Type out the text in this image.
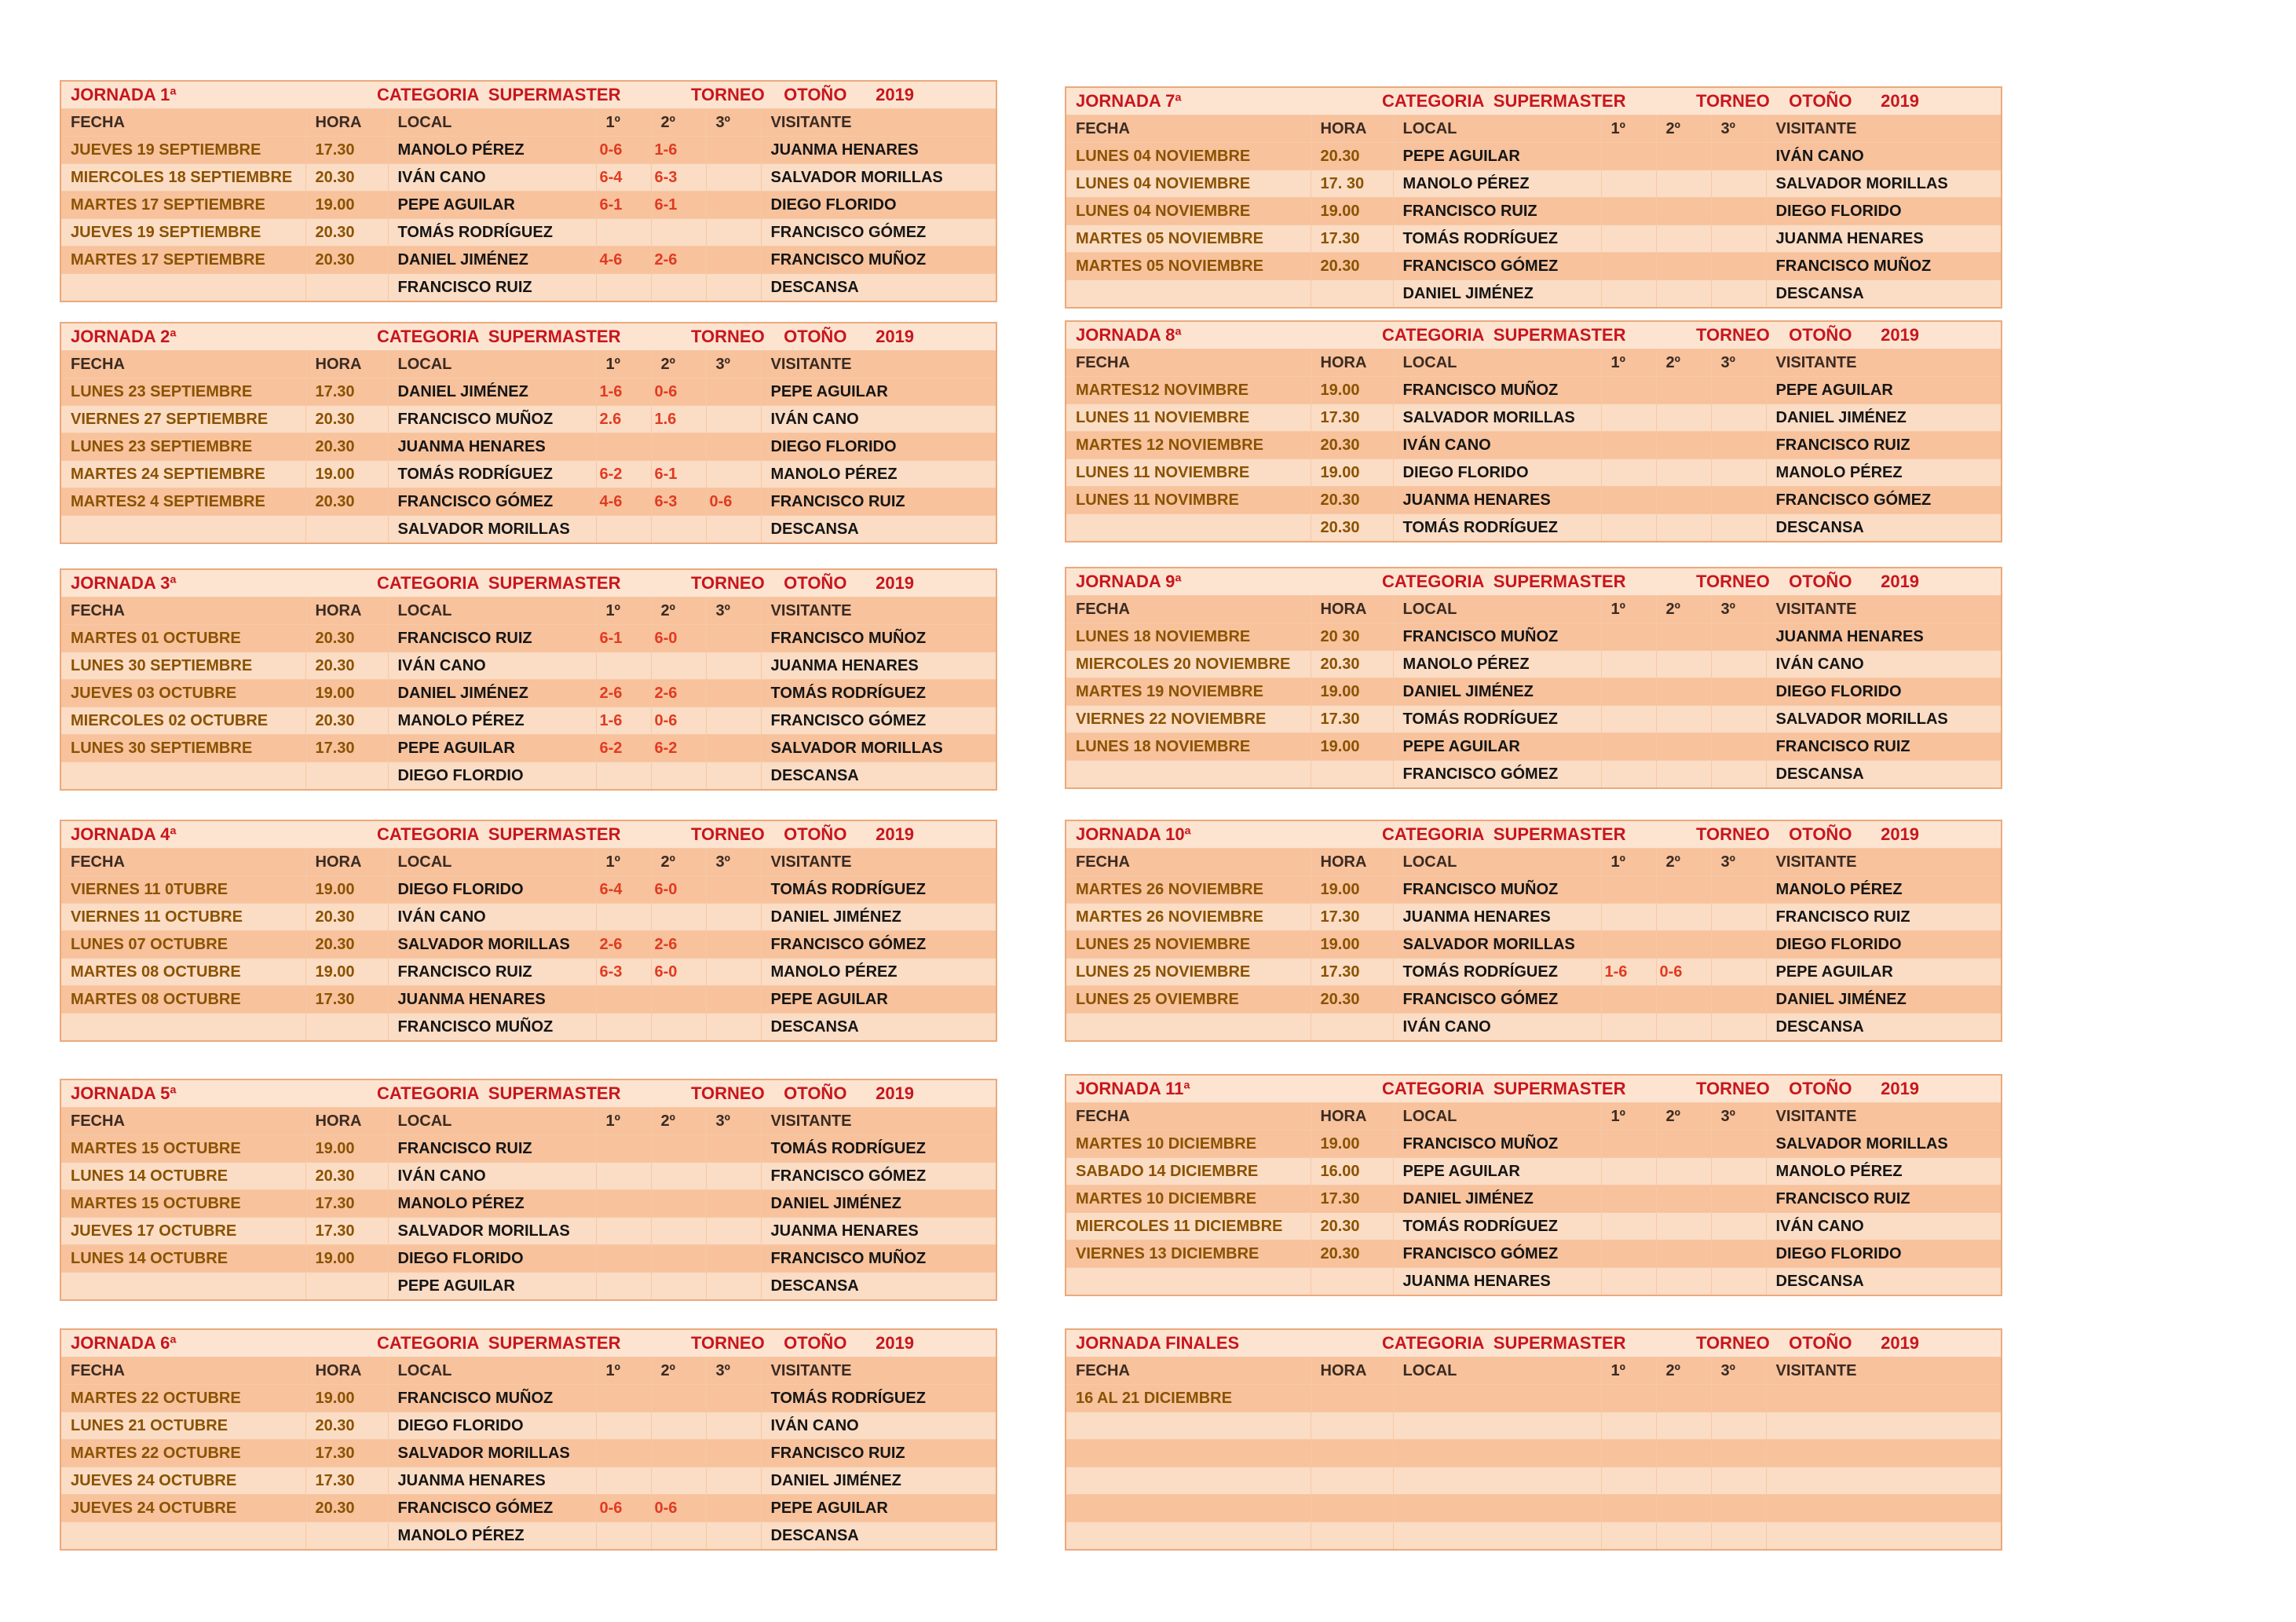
JORNADA 1ª CATEGORIA  SUPERMASTER TORNEO    OTOÑO      2019						

FECHA	HORA	LOCAL	1º	2º	3º	VISITANTE
JUEVES 19 SEPTIEMBRE	17.30	MANOLO PÉREZ	0-6	1-6		JUANMA HENARES
MIERCOLES 18 SEPTIEMBRE	20.30	IVÁN CANO	6-4	6-3		SALVADOR MORILLAS
MARTES 17 SEPTIEMBRE	19.00	PEPE AGUILAR	6-1	6-1		DIEGO FLORIDO
JUEVES 19 SEPTIEMBRE	20.30	TOMÁS RODRÍGUEZ				FRANCISCO GÓMEZ
MARTES 17 SEPTIEMBRE	20.30	DANIEL JIMÉNEZ	4-6	2-6		FRANCISCO MUÑOZ
		FRANCISCO RUIZ				DESCANSA
JORNADA 2ª CATEGORIA  SUPERMASTER TORNEO    OTOÑO      2019						

FECHA	HORA	LOCAL	1º	2º	3º	VISITANTE
LUNES 23 SEPTIEMBRE	17.30	DANIEL JIMÉNEZ	1-6	0-6		PEPE AGUILAR
VIERNES 27 SEPTIEMBRE	20.30	FRANCISCO MUÑOZ	2.6	1.6		IVÁN CANO
LUNES 23 SEPTIEMBRE	20.30	JUANMA HENARES				DIEGO FLORIDO
MARTES 24 SEPTIEMBRE	19.00	TOMÁS RODRÍGUEZ	6-2	6-1		MANOLO PÉREZ
MARTES2 4 SEPTIEMBRE	20.30	FRANCISCO GÓMEZ	4-6	6-3	0-6	FRANCISCO RUIZ
		SALVADOR MORILLAS				DESCANSA
JORNADA 3ª CATEGORIA  SUPERMASTER TORNEO    OTOÑO      2019						

FECHA	HORA	LOCAL	1º	2º	3º	VISITANTE
MARTES 01 OCTUBRE	20.30	FRANCISCO RUIZ	6-1	6-0		FRANCISCO MUÑOZ
LUNES 30 SEPTIEMBRE	20.30	IVÁN CANO				JUANMA HENARES
JUEVES 03 OCTUBRE	19.00	DANIEL JIMÉNEZ	2-6	2-6		TOMÁS RODRÍGUEZ
MIERCOLES 02 OCTUBRE	20.30	MANOLO PÉREZ	1-6	0-6		FRANCISCO GÓMEZ
LUNES 30 SEPTIEMBRE	17.30	PEPE AGUILAR	6-2	6-2		SALVADOR MORILLAS
		DIEGO FLORDIO				DESCANSA
JORNADA 4ª CATEGORIA  SUPERMASTER TORNEO    OTOÑO      2019						

FECHA	HORA	LOCAL	1º	2º	3º	VISITANTE
VIERNES 11 0TUBRE	19.00	DIEGO FLORIDO	6-4	6-0		TOMÁS RODRÍGUEZ
VIERNES 11 OCTUBRE	20.30	IVÁN CANO				DANIEL JIMÉNEZ
LUNES 07 OCTUBRE	20.30	SALVADOR MORILLAS	2-6	2-6		FRANCISCO GÓMEZ
MARTES 08 OCTUBRE	19.00	FRANCISCO RUIZ	6-3	6-0		MANOLO PÉREZ
MARTES 08 OCTUBRE	17.30	JUANMA HENARES				PEPE AGUILAR
		FRANCISCO MUÑOZ				DESCANSA
JORNADA 5ª CATEGORIA  SUPERMASTER TORNEO    OTOÑO      2019						

FECHA	HORA	LOCAL	1º	2º	3º	VISITANTE
MARTES 15 OCTUBRE	19.00	FRANCISCO RUIZ				TOMÁS RODRÍGUEZ
LUNES 14 OCTUBRE	20.30	IVÁN CANO				FRANCISCO GÓMEZ
MARTES 15 OCTUBRE	17.30	MANOLO PÉREZ				DANIEL JIMÉNEZ
JUEVES 17 OCTUBRE	17.30	SALVADOR MORILLAS				JUANMA HENARES
LUNES 14 OCTUBRE	19.00	DIEGO FLORIDO				FRANCISCO MUÑOZ
		PEPE AGUILAR				DESCANSA
JORNADA 6ª CATEGORIA  SUPERMASTER TORNEO    OTOÑO      2019						

FECHA	HORA	LOCAL	1º	2º	3º	VISITANTE
MARTES 22 OCTUBRE	19.00	FRANCISCO MUÑOZ				TOMÁS RODRÍGUEZ
LUNES 21 OCTUBRE	20.30	DIEGO FLORIDO				IVÁN CANO
MARTES 22 OCTUBRE	17.30	SALVADOR MORILLAS				FRANCISCO RUIZ
JUEVES 24 OCTUBRE	17.30	JUANMA HENARES				DANIEL JIMÉNEZ
JUEVES 24 OCTUBRE	20.30	FRANCISCO GÓMEZ	0-6	0-6		PEPE AGUILAR
		MANOLO PÉREZ				DESCANSA
JORNADA 7ª CATEGORIA  SUPERMASTER TORNEO    OTOÑO      2019						

FECHA	HORA	LOCAL	1º	2º	3º	VISITANTE
LUNES 04 NOVIEMBRE	20.30	PEPE AGUILAR				IVÁN CANO
LUNES 04 NOVIEMBRE	17. 30	MANOLO PÉREZ				SALVADOR MORILLAS
LUNES 04 NOVIEMBRE	19.00	FRANCISCO RUIZ				DIEGO FLORIDO
MARTES 05 NOVIEMBRE	17.30	TOMÁS RODRÍGUEZ				JUANMA HENARES
MARTES 05 NOVIEMBRE	20.30	FRANCISCO GÓMEZ				FRANCISCO MUÑOZ
		DANIEL JIMÉNEZ				DESCANSA
JORNADA 8ª CATEGORIA  SUPERMASTER TORNEO    OTOÑO      2019						

FECHA	HORA	LOCAL	1º	2º	3º	VISITANTE
MARTES12 NOVIMBRE	19.00	FRANCISCO MUÑOZ				PEPE AGUILAR
LUNES 11 NOVIEMBRE	17.30	SALVADOR MORILLAS				DANIEL JIMÉNEZ
MARTES 12 NOVIEMBRE	20.30	IVÁN CANO				FRANCISCO RUIZ
LUNES 11 NOVIEMBRE	19.00	DIEGO FLORIDO				MANOLO PÉREZ
LUNES 11 NOVIMBRE	20.30	JUANMA HENARES				FRANCISCO GÓMEZ
	20.30	TOMÁS RODRÍGUEZ				DESCANSA
JORNADA 9ª CATEGORIA  SUPERMASTER TORNEO    OTOÑO      2019						

FECHA	HORA	LOCAL	1º	2º	3º	VISITANTE
LUNES 18 NOVIEMBRE	20 30	FRANCISCO MUÑOZ				JUANMA HENARES
MIERCOLES 20 NOVIEMBRE	20.30	MANOLO PÉREZ				IVÁN CANO
MARTES 19 NOVIEMBRE	19.00	DANIEL JIMÉNEZ				DIEGO FLORIDO
VIERNES 22 NOVIEMBRE	17.30	TOMÁS RODRÍGUEZ				SALVADOR MORILLAS
LUNES 18 NOVIEMBRE	19.00	PEPE AGUILAR				FRANCISCO RUIZ
		FRANCISCO GÓMEZ				DESCANSA
JORNADA 10ª CATEGORIA  SUPERMASTER TORNEO    OTOÑO      2019						

FECHA	HORA	LOCAL	1º	2º	3º	VISITANTE
MARTES 26 NOVIEMBRE	19.00	FRANCISCO MUÑOZ				MANOLO PÉREZ
MARTES 26 NOVIEMBRE	17.30	JUANMA HENARES				FRANCISCO RUIZ
LUNES 25 NOVIEMBRE	19.00	SALVADOR MORILLAS				DIEGO FLORIDO
LUNES 25 NOVIEMBRE	17.30	TOMÁS RODRÍGUEZ	1-6	0-6		PEPE AGUILAR
LUNES 25 OVIEMBRE	20.30	FRANCISCO GÓMEZ				DANIEL JIMÉNEZ
		IVÁN CANO				DESCANSA
JORNADA 11ª CATEGORIA  SUPERMASTER TORNEO    OTOÑO      2019						

FECHA	HORA	LOCAL	1º	2º	3º	VISITANTE
MARTES 10 DICIEMBRE	19.00	FRANCISCO MUÑOZ				SALVADOR MORILLAS
SABADO 14 DICIEMBRE	16.00	PEPE AGUILAR				MANOLO PÉREZ
MARTES 10 DICIEMBRE	17.30	DANIEL JIMÉNEZ				FRANCISCO RUIZ
MIERCOLES 11 DICIEMBRE	20.30	TOMÁS RODRÍGUEZ				IVÁN CANO
VIERNES 13 DICIEMBRE	20.30	FRANCISCO GÓMEZ				DIEGO FLORIDO
		JUANMA HENARES				DESCANSA
JORNADA FINALES CATEGORIA  SUPERMASTER TORNEO    OTOÑO      2019						

FECHA	HORA	LOCAL	1º	2º	3º	VISITANTE
16 AL 21 DICIEMBRE						
